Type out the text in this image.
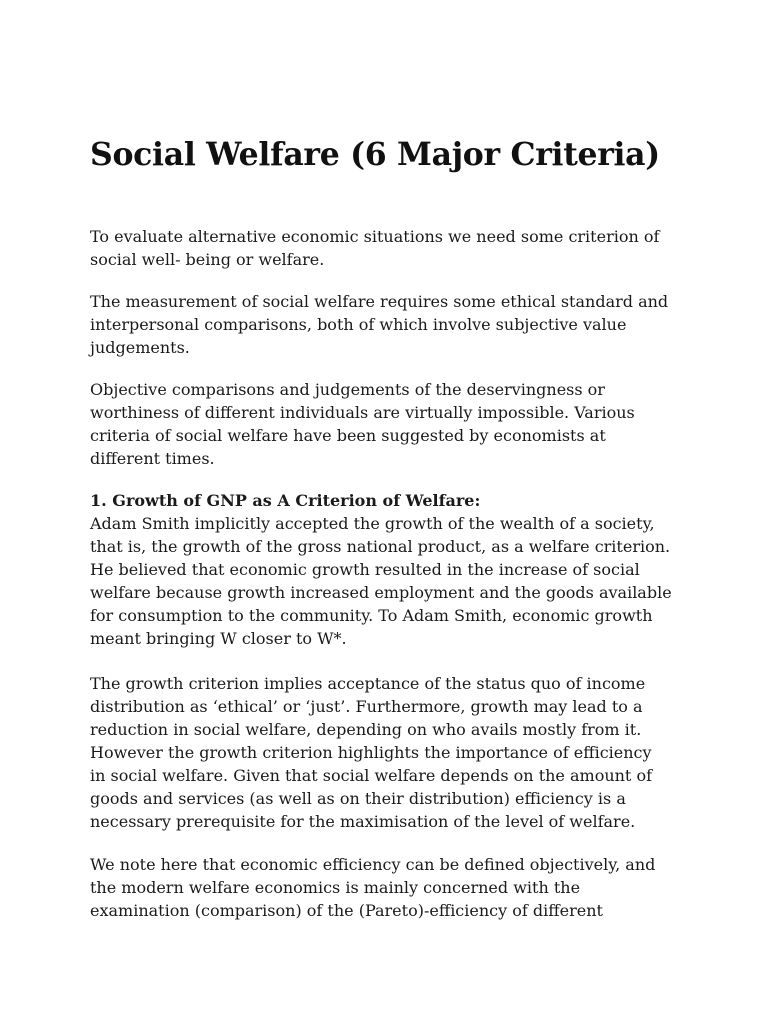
Social Welfare (6 Major Criteria)

To evaluate alternative economic situations we need some criterion of
social well- being or welfare.

The measurement of social welfare requires some ethical standard and
interpersonal comparisons, both of which involve subjective value
judgements.

Objective comparisons and judgements of the deservingness or
worthiness of different individuals are virtually impossible. Various
criteria of social welfare have been suggested by economists at
different times.

1. Growth of GNP as A Criterion of Welfare:
Adam Smith implicitly accepted the growth of the wealth of a society,
that is, the growth of the gross national product, as a welfare criterion.
He believed that economic growth resulted in the increase of social
welfare because growth increased employment and the goods available
for consumption to the community. To Adam Smith, economic growth
meant bringing W closer to W*.

The growth criterion implies acceptance of the status quo of income
distribution as ‘ethical’ or ‘just’. Furthermore, growth may lead to a
reduction in social welfare, depending on who avails mostly from it.
However the growth criterion highlights the importance of efficiency
in social welfare. Given that social welfare depends on the amount of
goods and services (as well as on their distribution) efficiency is a
necessary prerequisite for the maximisation of the level of welfare.

We note here that economic efficiency can be defined objectively, and
the modern welfare economics is mainly concerned with the
examination (comparison) of the (Pareto)-efficiency of different
